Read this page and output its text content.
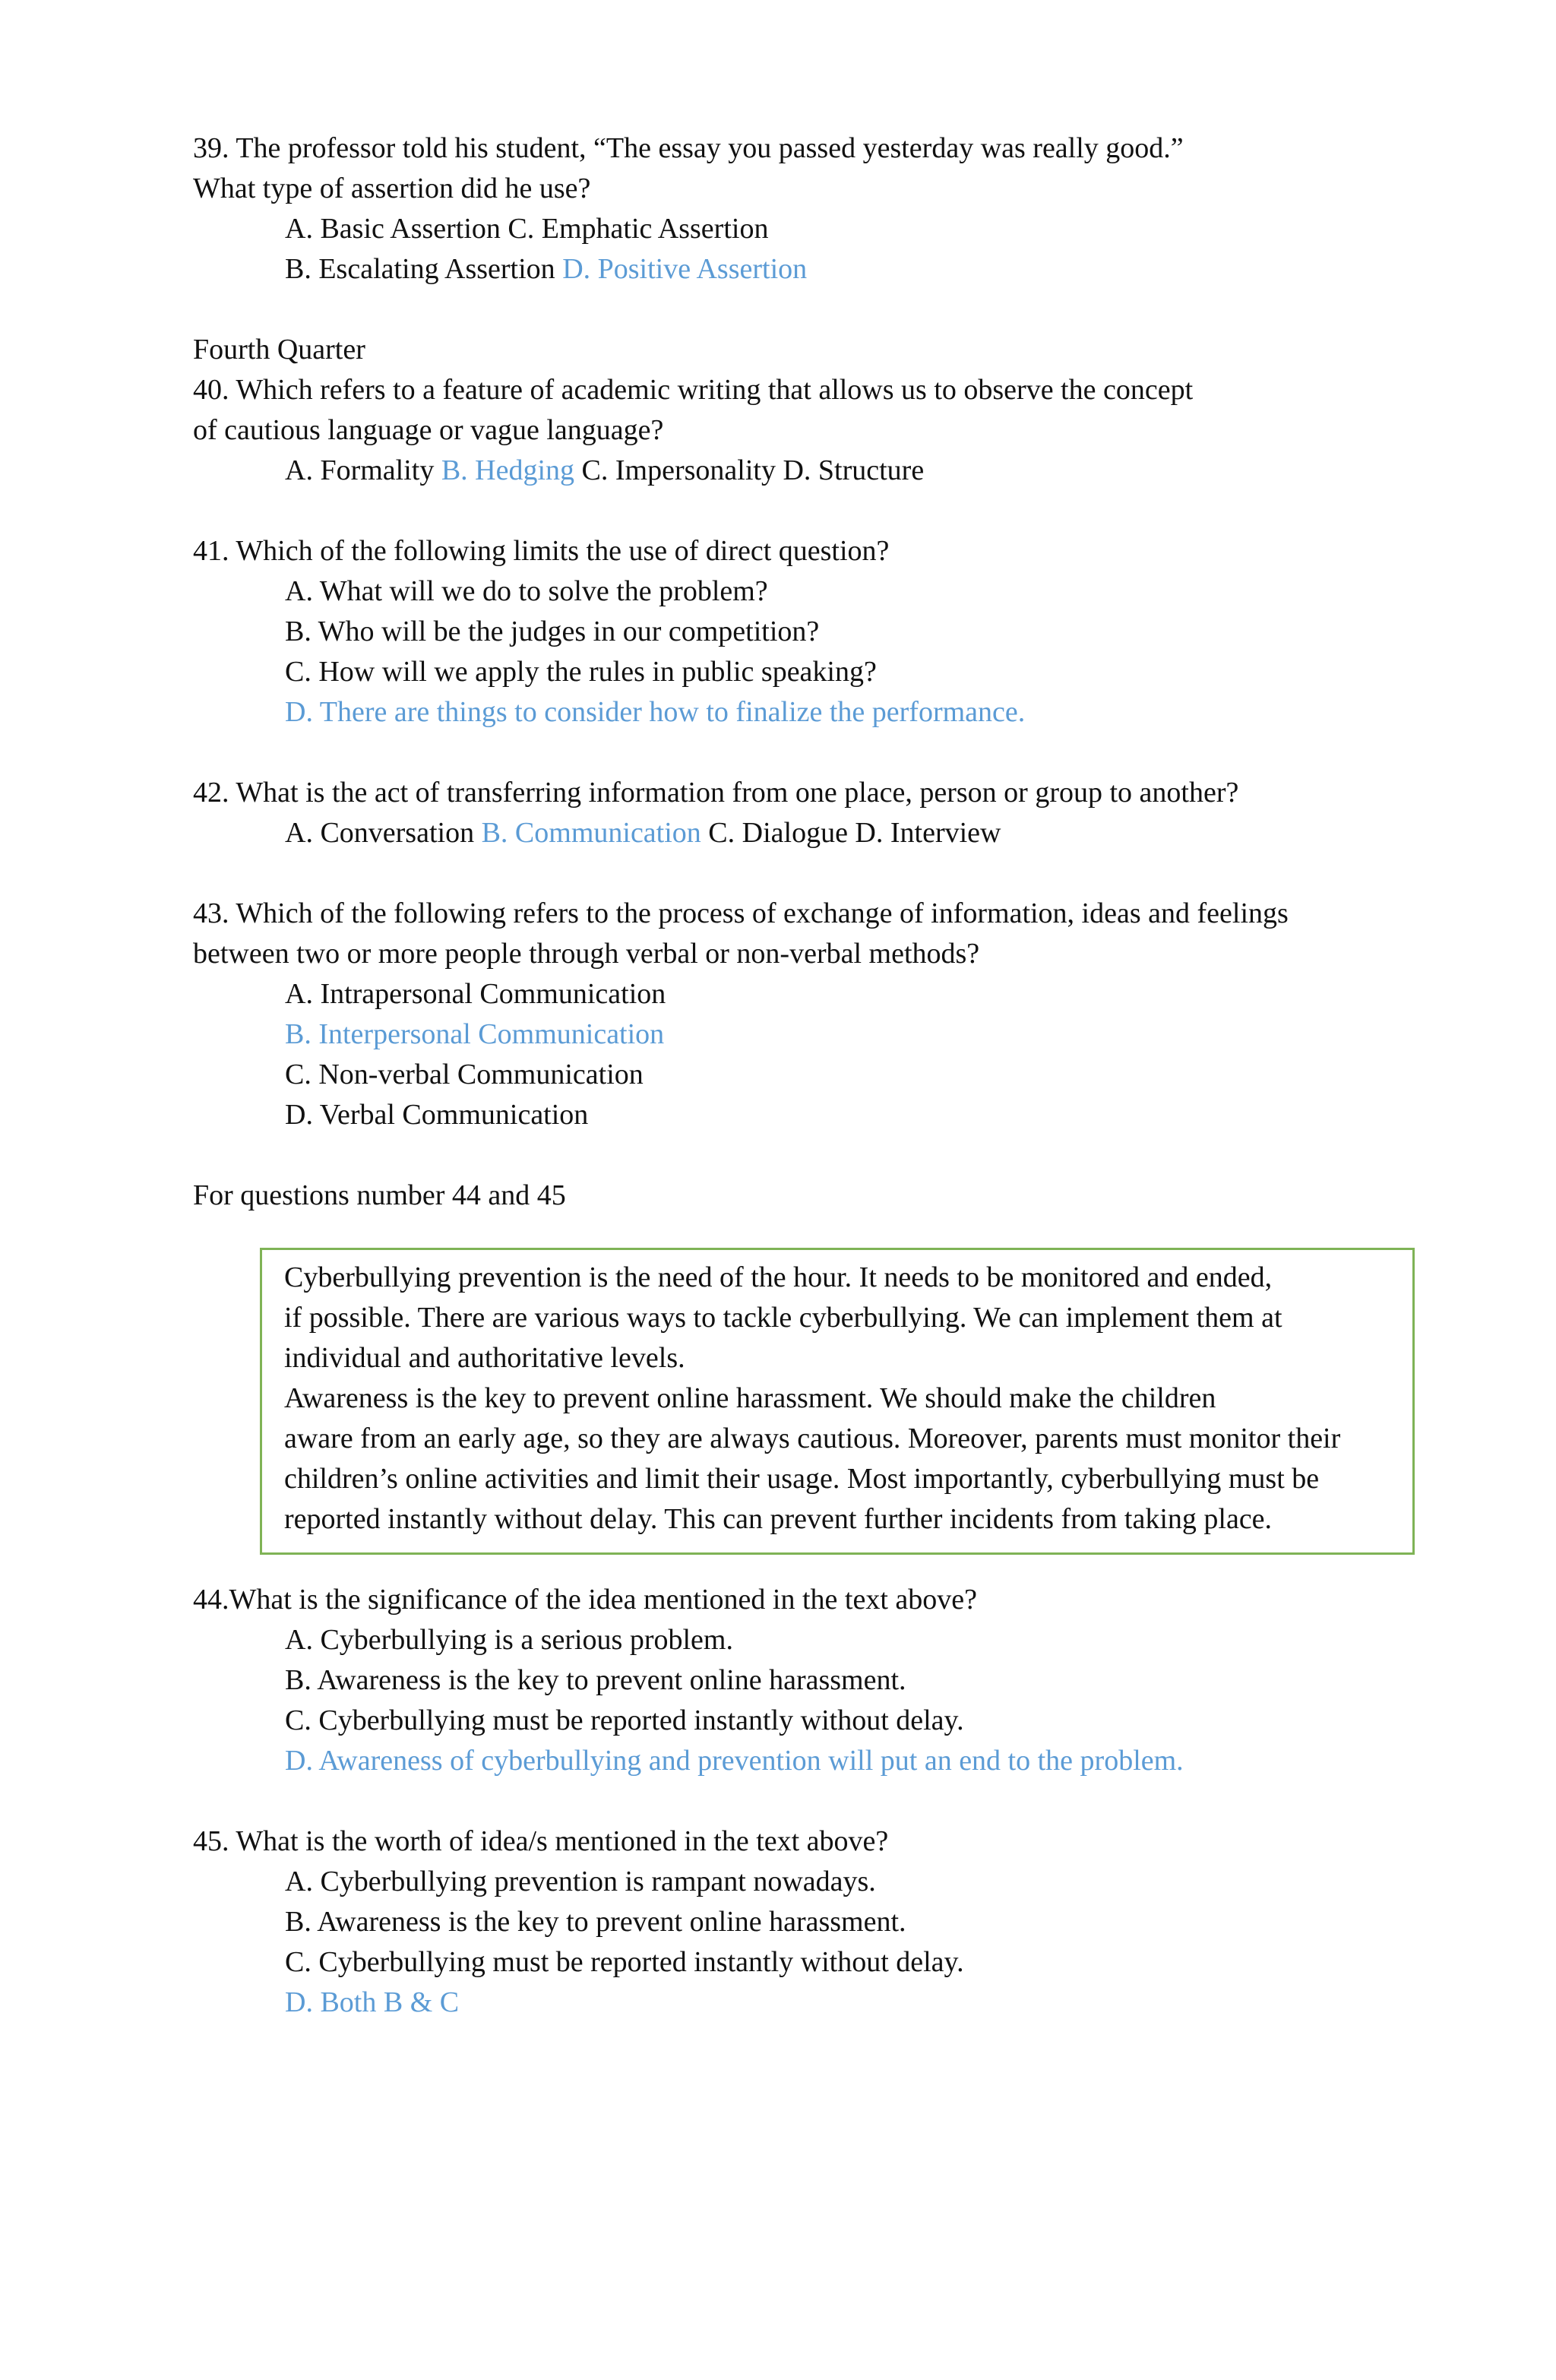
39. The professor told his student, “The essay you passed yesterday was really good.”
What type of assertion did he use?
A. Basic Assertion C. Emphatic Assertion
B. Escalating Assertion D. Positive Assertion
Fourth Quarter
40. Which refers to a feature of academic writing that allows us to observe the concept
of cautious language or vague language?
A. Formality B. Hedging C. Impersonality D. Structure
41. Which of the following limits the use of direct question?
A. What will we do to solve the problem?
B. Who will be the judges in our competition?
C. How will we apply the rules in public speaking?
D. There are things to consider how to finalize the performance.
42. What is the act of transferring information from one place, person or group to another?
A. Conversation B. Communication C. Dialogue D. Interview
43. Which of the following refers to the process of exchange of information, ideas and feelings
between two or more people through verbal or non-verbal methods?
A. Intrapersonal Communication
B. Interpersonal Communication
C. Non-verbal Communication
D. Verbal Communication
For questions number 44 and 45
Cyberbullying prevention is the need of the hour. It needs to be monitored and ended,
if possible. There are various ways to tackle cyberbullying. We can implement them at
individual and authoritative levels.
Awareness is the key to prevent online harassment. We should make the children
aware from an early age, so they are always cautious. Moreover, parents must monitor their
children’s online activities and limit their usage. Most importantly, cyberbullying must be
reported instantly without delay. This can prevent further incidents from taking place.
44.What is the significance of the idea mentioned in the text above?
A. Cyberbullying is a serious problem.
B. Awareness is the key to prevent online harassment.
C. Cyberbullying must be reported instantly without delay.
D. Awareness of cyberbullying and prevention will put an end to the problem.
45. What is the worth of idea/s mentioned in the text above?
A. Cyberbullying prevention is rampant nowadays.
B. Awareness is the key to prevent online harassment.
C. Cyberbullying must be reported instantly without delay.
D. Both B & C
